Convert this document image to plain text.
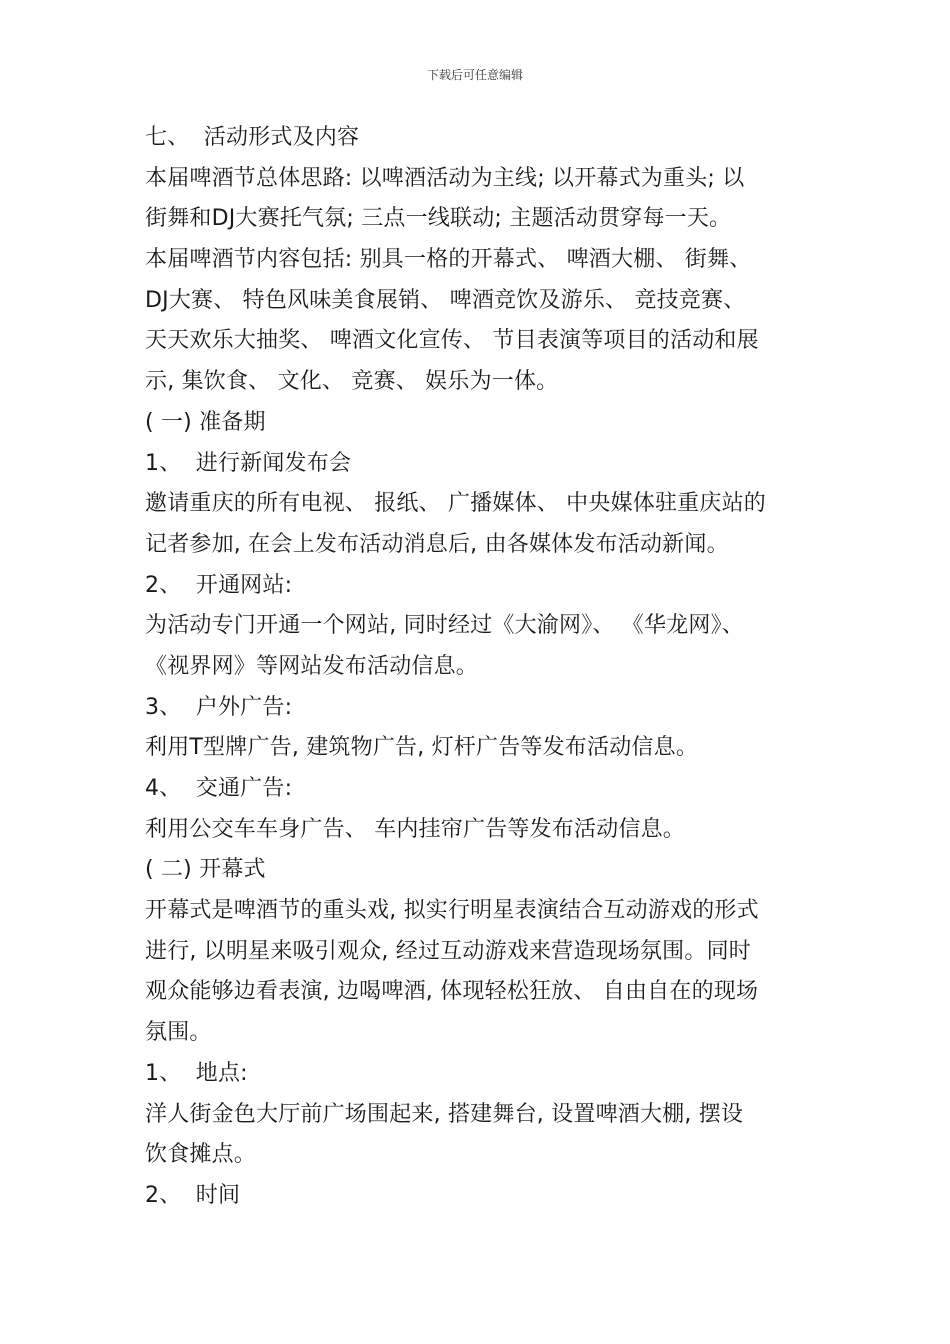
下载后可任意编辑
七、  活动形式及内容
本届啤酒节总体思路: 以啤酒活动为主线; 以开幕式为重头; 以
街舞和DJ大赛托气氛; 三点一线联动; 主题活动贯穿每一天。
本届啤酒节内容包括: 别具一格的开幕式、 啤酒大棚、 街舞、
DJ大赛、 特色风味美食展销、 啤酒竞饮及游乐、 竞技竞赛、
天天欢乐大抽奖、 啤酒文化宣传、 节目表演等项目的活动和展
示, 集饮食、 文化、 竞赛、 娱乐为一体。
( 一) 准备期
1、  进行新闻发布会
邀请重庆的所有电视、 报纸、 广播媒体、 中央媒体驻重庆站的
记者参加, 在会上发布活动消息后, 由各媒体发布活动新闻。
2、  开通网站:
为活动专门开通一个网站, 同时经过《大渝网》、 《华龙网》、
《视界网》等网站发布活动信息。
3、  户外广告:
利用T型牌广告, 建筑物广告, 灯杆广告等发布活动信息。
4、  交通广告:
利用公交车车身广告、 车内挂帘广告等发布活动信息。
( 二) 开幕式
开幕式是啤酒节的重头戏, 拟实行明星表演结合互动游戏的形式
进行, 以明星来吸引观众, 经过互动游戏来营造现场氛围。同时
观众能够边看表演, 边喝啤酒, 体现轻松狂放、 自由自在的现场
氛围。
1、  地点:
洋人街金色大厅前广场围起来, 搭建舞台, 设置啤酒大棚, 摆设
饮食摊点。
2、  时间
